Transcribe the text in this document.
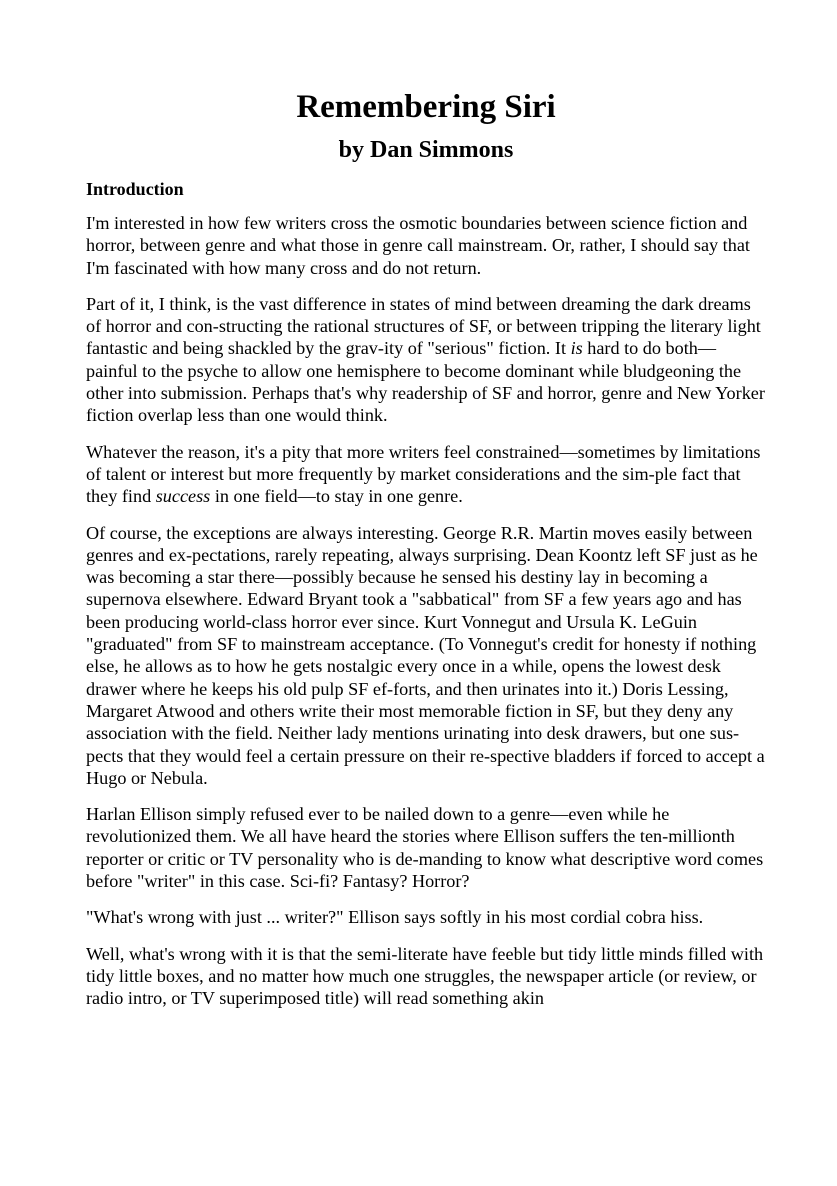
Remembering Siri
by Dan Simmons
Introduction

I'm interested in how few writers cross the osmotic boundaries between science fiction and horror, between genre and what those in genre call mainstream. Or, rather, I should say that I'm fascinated with how many cross and do not return.

Part of it, I think, is the vast difference in states of mind between dreaming the dark dreams of horror and con-structing the rational structures of SF, or between tripping the literary light fantastic and being shackled by the grav-ity of "serious" fiction. It is hard to do both—painful to the psyche to allow one hemisphere to become dominant while bludgeoning the other into submission. Perhaps that's why readership of SF and horror, genre and New Yorker fiction overlap less than one would think.

Whatever the reason, it's a pity that more writers feel constrained—sometimes by limitations of talent or interest but more frequently by market considerations and the sim-ple fact that they find success in one field—to stay in one genre.

Of course, the exceptions are always interesting. George R.R. Martin moves easily between genres and ex-pectations, rarely repeating, always surprising. Dean Koontz left SF just as he was becoming a star there—possibly because he sensed his destiny lay in becoming a supernova elsewhere. Edward Bryant took a "sabbatical" from SF a few years ago and has been producing world-class horror ever since. Kurt Vonnegut and Ursula K. LeGuin "graduated" from SF to mainstream acceptance. (To Vonnegut's credit for honesty if nothing else, he allows as to how he gets nostalgic every once in a while, opens the lowest desk drawer where he keeps his old pulp SF ef-forts, and then urinates into it.) Doris Lessing, Margaret Atwood and others write their most memorable fiction in SF, but they deny any association with the field. Neither lady mentions urinating into desk drawers, but one sus-pects that they would feel a certain pressure on their re-spective bladders if forced to accept a Hugo or Nebula.

Harlan Ellison simply refused ever to be nailed down to a genre—even while he revolutionized them. We all have heard the stories where Ellison suffers the ten-millionth reporter or critic or TV personality who is de-manding to know what descriptive word comes before "writer" in this case. Sci-fi? Fantasy? Horror?

"What's wrong with just ... writer?" Ellison says softly in his most cordial cobra hiss.

Well, what's wrong with it is that the semi-literate have feeble but tidy little minds filled with tidy little boxes, and no matter how much one struggles, the newspaper article (or review, or radio intro, or TV superimposed title) will read something akin
